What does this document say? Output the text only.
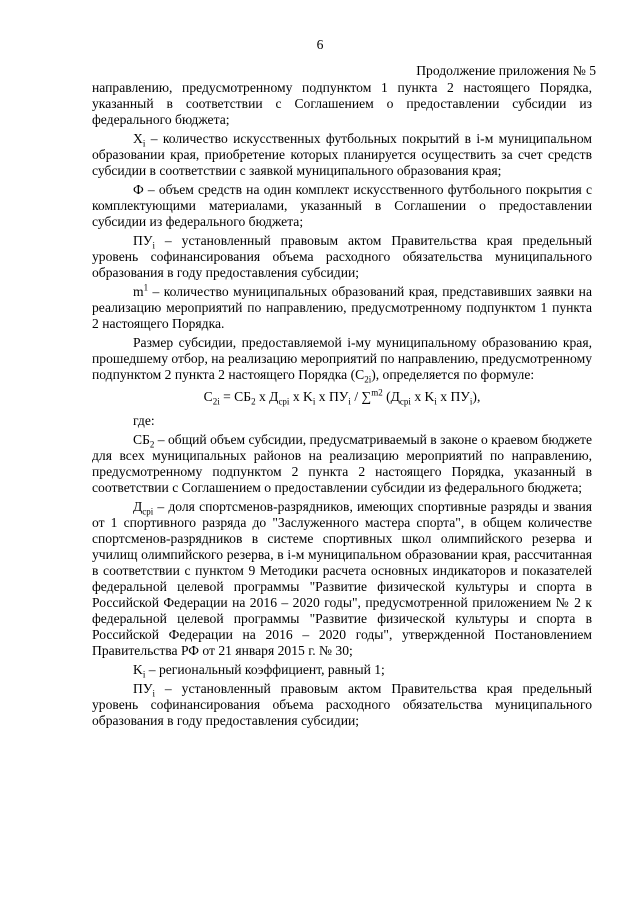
6
Продолжение приложения № 5

направлению, предусмотренному подпунктом 1 пункта 2 настоящего Порядка, указанный в соответствии с Соглашением о предоставлении субсидии из федерального бюджета;

$X_i$ – количество искусственных футбольных покрытий в i-м муниципальном образовании края, приобретение которых планируется осуществить за счет средств субсидии в соответствии с заявкой муниципального образования края;

Ф – объем средств на один комплект искусственного футбольного покрытия с комплектующими материалами, указанный в Соглашении о предоставлении субсидии из федерального бюджета;

$ПУ_i$ – установленный правовым актом Правительства края предельный уровень софинансирования объема расходного обязательства муниципального образования в году предоставления субсидии;

$m^1$ – количество муниципальных образований края, представивших заявки на реализацию мероприятий по направлению, предусмотренному подпунктом 1 пункта 2 настоящего Порядка.

Размер субсидии, предоставляемой i-му муниципальному образованию края, прошедшему отбор, на реализацию мероприятий по направлению, предусмотренному подпунктом 2 пункта 2 настоящего Порядка $(С_{2i})$, определяется по формуле:

$С_{2i} = СБ_2$ х $Д_{срi}$ х $K_i$ х $ПУ_i / \sum^{m2}$ ($Д_{срi}$ х $K_i$ х $ПУ_i$),

где:

$СБ_2$ – общий объем субсидии, предусматриваемый в законе о краевом бюджете для всех муниципальных районов на реализацию мероприятий по направлению, предусмотренному подпунктом 2 пункта 2 настоящего Порядка, указанный в соответствии с Соглашением о предоставлении субсидии из федерального бюджета;

$Д_{срi}$ – доля спортсменов-разрядников, имеющих спортивные разряды и звания от 1 спортивного разряда до "Заслуженного мастера спорта", в общем количестве спортсменов-разрядников в системе спортивных школ олимпийского резерва и училищ олимпийского резерва, в i-м муниципальном образовании края, рассчитанная в соответствии с пунктом 9 Методики расчета основных индикаторов и показателей федеральной целевой программы "Развитие физической культуры и спорта в Российской Федерации на 2016 – 2020 годы", предусмотренной приложением № 2 к федеральной целевой программы "Развитие физической культуры и спорта в Российской Федерации на 2016 – 2020 годы", утвержденной Постановлением Правительства РФ от 21 января 2015 г. № 30;

$K_i$ – региональный коэффициент, равный 1;

$ПУ_i$ – установленный правовым актом Правительства края предельный уровень софинансирования объема расходного обязательства муниципального образования в году предоставления субсидии;
